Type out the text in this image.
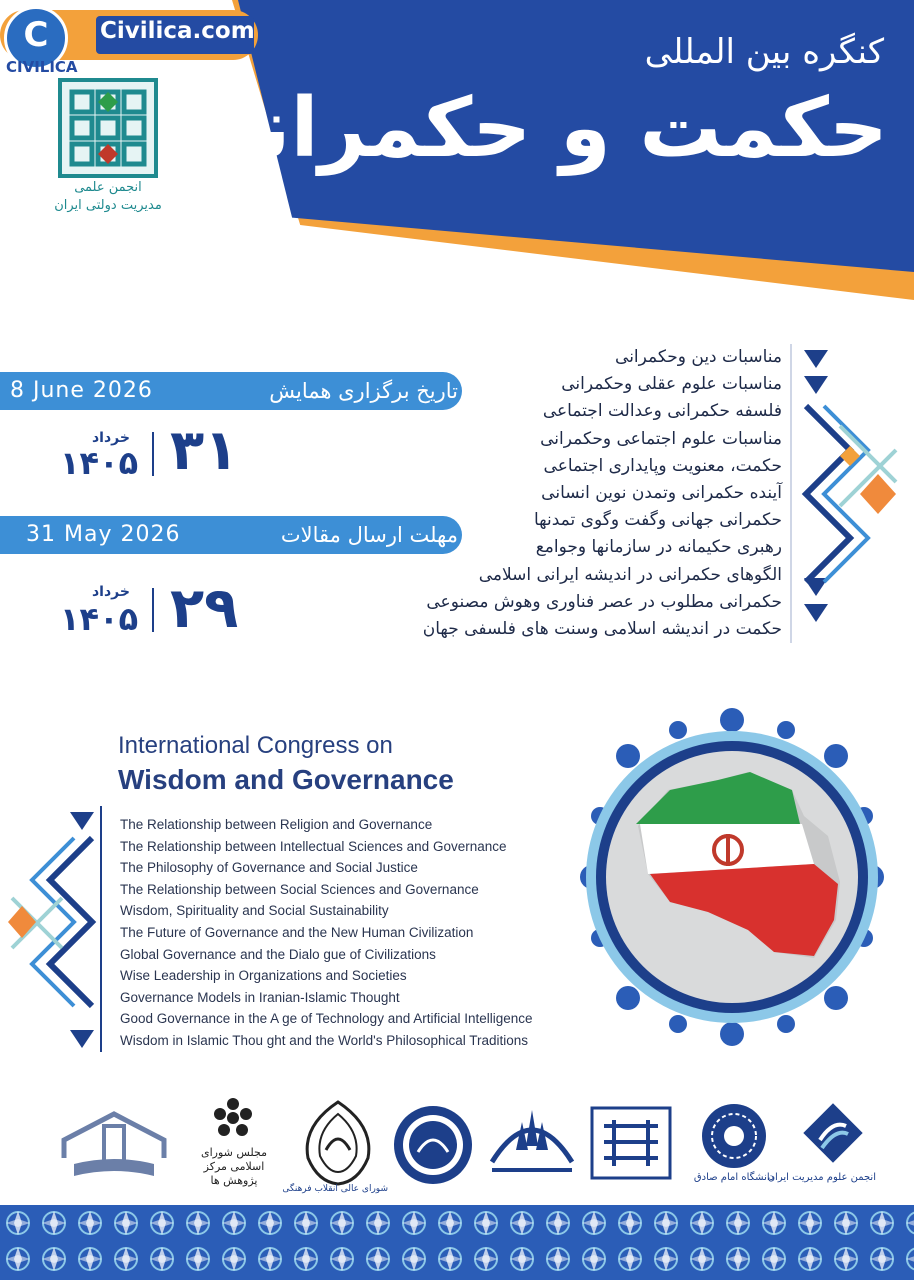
کنگره بین المللی
حکمت و حکمرانی
Civilica.com
C
CIVILICA
انجمن علمی
مدیریت دولتی ایران
8 June 2026	تاریخ برگزاری همایش
۳۱
خرداد
۱۴۰۵
31 May 2026	مهلت ارسال مقالات
۲۹
خرداد
۱۴۰۵
مناسبات دین وحکمرانی
مناسبات علوم عقلی وحکمرانی
فلسفه حکمرانی وعدالت اجتماعی
مناسبات علوم اجتماعی وحکمرانی
حکمت، معنویت وپایداری اجتماعی
آینده حکمرانی وتمدن نوین انسانی
حکمرانی جهانی وگفت وگوی تمدنها
رهبری حکیمانه در سازمانها وجوامع
الگوهای حکمرانی در اندیشه ایرانی اسلامی
حکمرانی مطلوب در عصر فناوری وهوش مصنوعی
حکمت در اندیشه اسلامی وسنت های فلسفی جهان
International Congress on
Wisdom and Governance
The Relationship between Religion and Governance
The Relationship between Intellectual Sciences and Governance
The Philosophy of Governance and Social Justice
The Relationship between Social Sciences and Governance
Wisdom, Spirituality and Social Sustainability
The Future of Governance and the New Human Civilization
Global Governance and the Dialo gue of Civilizations
Wise Leadership in Organizations and Societies
Governance Models in Iranian-Islamic Thought
Good Governance in the A ge of Technology and Artificial Intelligence
Wisdom in Islamic Thou ght and the World's Philosophical Traditions
انجمن علوم مدیریت ایران
دانشگاه امام صادق
شورای عالی انقلاب فرهنگی
مجلس شورای اسلامی مرکز پژوهش ها
